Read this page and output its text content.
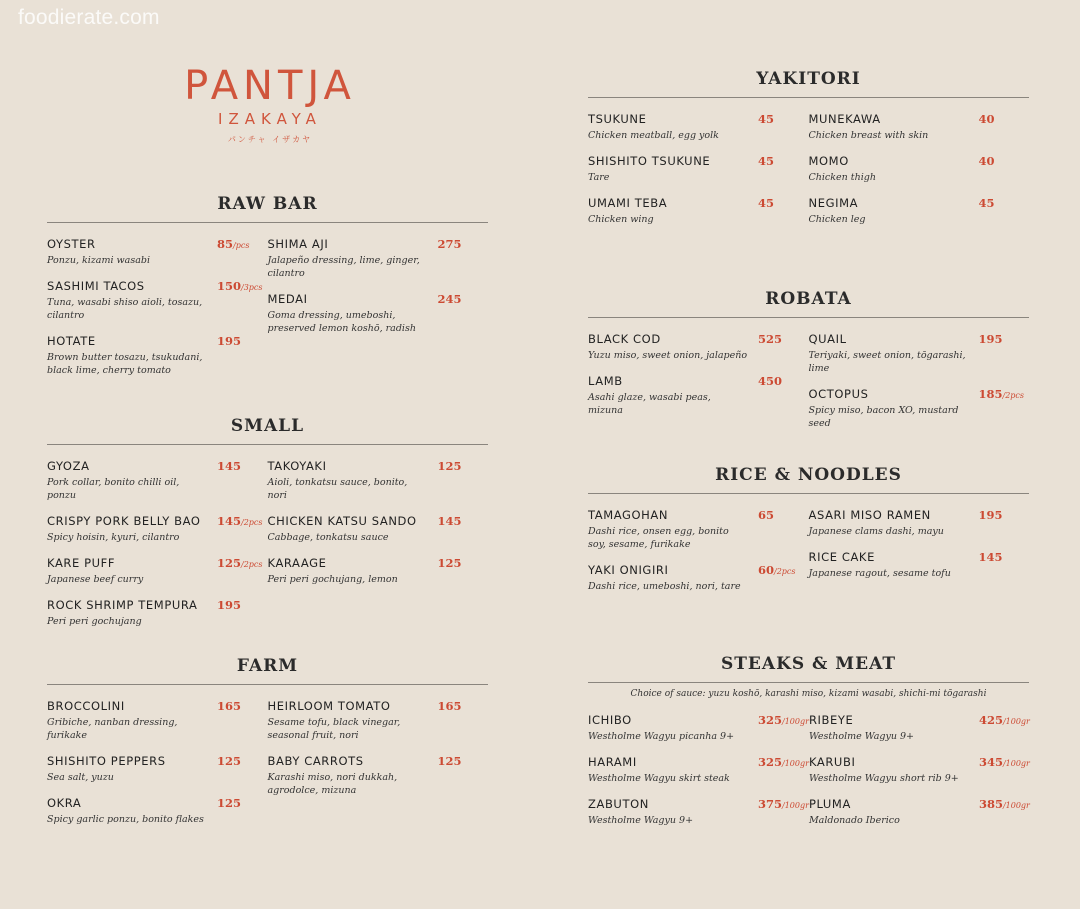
foodierate.com
PANTJA
IZAKAYA
パンチャ イザカヤ
RAW BAR
OYSTER	85/pcs
Ponzu, kizami wasabi
SASHIMI TACOS	150/3pcs
Tuna, wasabi shiso aioli, tosazu, cilantro
HOTATE	195
Brown butter tosazu, tsukudani, black lime, cherry tomato
SHIMA AJI	275
Jalapeño dressing, lime, ginger, cilantro
MEDAI	245
Goma dressing, umeboshi, preserved lemon koshō, radish
SMALL
GYOZA	145
Pork collar, bonito chilli oil, ponzu
CRISPY PORK BELLY BAO	145/2pcs
Spicy hoisin, kyuri, cilantro
KARE PUFF	125/2pcs
Japanese beef curry
ROCK SHRIMP TEMPURA	195
Peri peri gochujang
TAKOYAKI	125
Aioli, tonkatsu sauce, bonito, nori
CHICKEN KATSU SANDO	145
Cabbage, tonkatsu sauce
KARAAGE	125
Peri peri gochujang, lemon
FARM
BROCCOLINI	165
Gribiche, nanban dressing, furikake
SHISHITO PEPPERS	125
Sea salt, yuzu
OKRA	125
Spicy garlic ponzu, bonito flakes
HEIRLOOM TOMATO	165
Sesame tofu, black vinegar, seasonal fruit, nori
BABY CARROTS	125
Karashi miso, nori dukkah, agrodolce, mizuna
YAKITORI
TSUKUNE	45
Chicken meatball, egg yolk
SHISHITO TSUKUNE	45
Tare
UMAMI TEBA	45
Chicken wing
MUNEKAWA	40
Chicken breast with skin
MOMO	40
Chicken thigh
NEGIMA	45
Chicken leg
ROBATA
BLACK COD	525
Yuzu miso, sweet onion, jalapeño
LAMB	450
Asahi glaze, wasabi peas, mizuna
QUAIL	195
Teriyaki, sweet onion, tōgarashi, lime
OCTOPUS	185/2pcs
Spicy miso, bacon XO, mustard seed
RICE & NOODLES
TAMAGOHAN	65
Dashi rice, onsen egg, bonito soy, sesame, furikake
YAKI ONIGIRI	60/2pcs
Dashi rice, umeboshi, nori, tare
ASARI MISO RAMEN	195
Japanese clams dashi, mayu
RICE CAKE	145
Japanese ragout, sesame tofu
STEAKS & MEAT
Choice of sauce: yuzu koshō, karashi miso, kizami wasabi, shichi-mi tōgarashi
ICHIBO	325/100gr
Westholme Wagyu picanha 9+
HARAMI	325/100gr
Westholme Wagyu skirt steak
ZABUTON	375/100gr
Westholme Wagyu 9+
RIBEYE	425/100gr
Westholme Wagyu 9+
KARUBI	345/100gr
Westholme Wagyu short rib 9+
PLUMA	385/100gr
Maldonado Iberico
